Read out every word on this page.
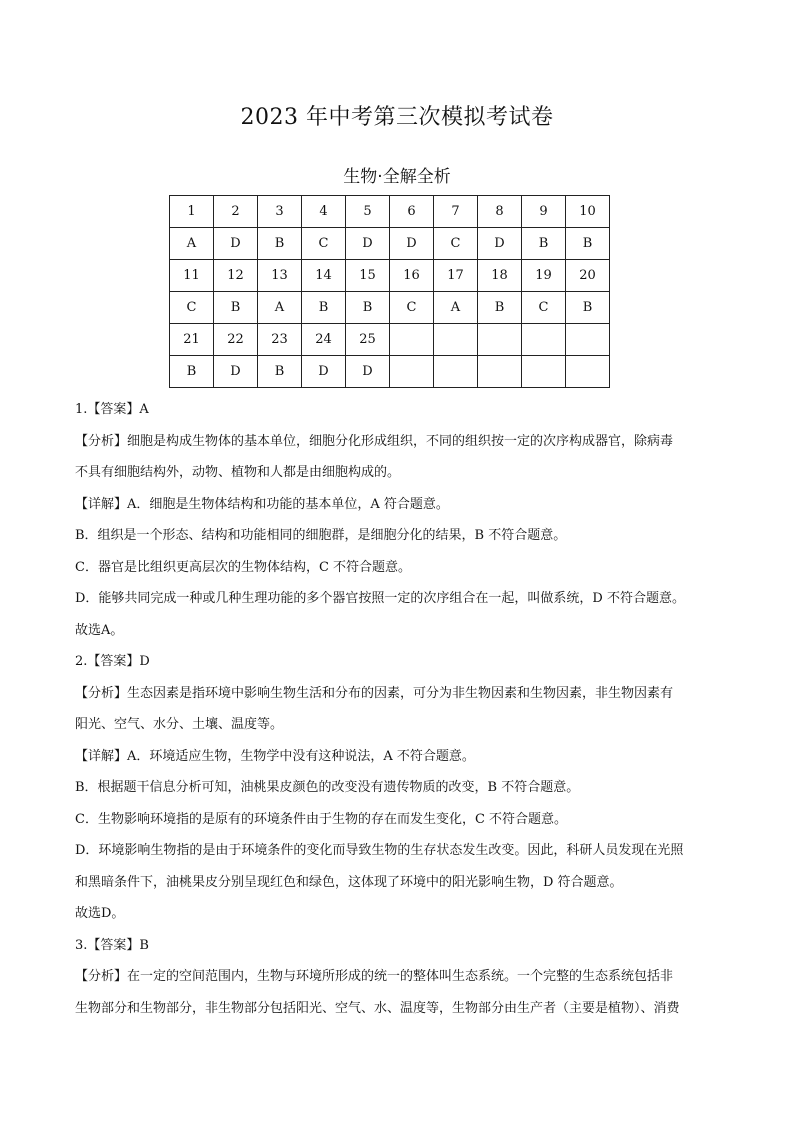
2023 年中考第三次模拟考试卷
生物·全解全析
1	2	3	4	5	6	7	8	9	10
A	D	B	C	D	D	C	D	B	B
11	12	13	14	15	16	17	18	19	20
C	B	A	B	B	C	A	B	C	B
21	22	23	24	25					
B	D	B	D	D					

1.【答案】A

【分析】细胞是构成生物体的基本单位，细胞分化形成组织，不同的组织按一定的次序构成器官，除病毒

不具有细胞结构外，动物、植物和人都是由细胞构成的。

【详解】A．细胞是生物体结构和功能的基本单位，A 符合题意。

B．组织是一个形态、结构和功能相同的细胞群，是细胞分化的结果，B 不符合题意。

C．器官是比组织更高层次的生物体结构，C 不符合题意。

D．能够共同完成一种或几种生理功能的多个器官按照一定的次序组合在一起，叫做系统，D 不符合题意。

故选A。

2.【答案】D

【分析】生态因素是指环境中影响生物生活和分布的因素，可分为非生物因素和生物因素，非生物因素有

阳光、空气、水分、土壤、温度等。

【详解】A．环境适应生物，生物学中没有这种说法，A 不符合题意。

B．根据题干信息分析可知，油桃果皮颜色的改变没有遗传物质的改变，B 不符合题意。

C．生物影响环境指的是原有的环境条件由于生物的存在而发生变化，C 不符合题意。

D．环境影响生物指的是由于环境条件的变化而导致生物的生存状态发生改变。因此，科研人员发现在光照

和黑暗条件下，油桃果皮分别呈现红色和绿色，这体现了环境中的阳光影响生物，D 符合题意。

故选D。

3.【答案】B

【分析】在一定的空间范围内，生物与环境所形成的统一的整体叫生态系统。一个完整的生态系统包括非

生物部分和生物部分，非生物部分包括阳光、空气、水、温度等，生物部分由生产者（主要是植物）、消费
